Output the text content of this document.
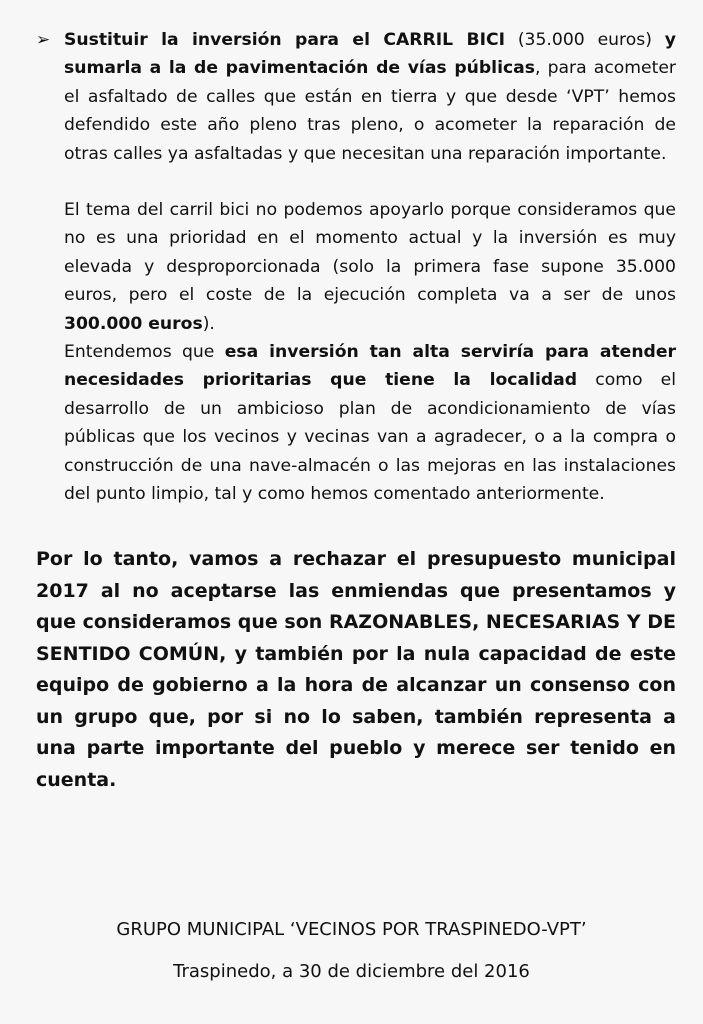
➢ Sustituir la inversión para el CARRIL BICI (35.000 euros) y sumarla a la de pavimentación de vías públicas, para acometer el asfaltado de calles que están en tierra y que desde ‘VPT’ hemos defendido este año pleno tras pleno, o acometer la reparación de otras calles ya asfaltadas y que necesitan una reparación importante.

El tema del carril bici no podemos apoyarlo porque consideramos que no es una prioridad en el momento actual y la inversión es muy elevada y desproporcionada (solo la primera fase supone 35.000 euros, pero el coste de la ejecución completa va a ser de unos 300.000 euros).

Entendemos que esa inversión tan alta serviría para atender necesidades prioritarias que tiene la localidad como el desarrollo de un ambicioso plan de acondicionamiento de vías públicas que los vecinos y vecinas van a agradecer, o a la compra o construcción de una nave-almacén o las mejoras en las instalaciones del punto limpio, tal y como hemos comentado anteriormente.

Por lo tanto, vamos a rechazar el presupuesto municipal 2017 al no aceptarse las enmiendas que presentamos y que consideramos que son RAZONABLES, NECESARIAS Y DE SENTIDO COMÚN, y también por la nula capacidad de este equipo de gobierno a la hora de alcanzar un consenso con un grupo que, por si no lo saben, también representa a una parte importante del pueblo y merece ser tenido en cuenta.

GRUPO MUNICIPAL ‘VECINOS POR TRASPINEDO-VPT’
Traspinedo, a 30 de diciembre del 2016
